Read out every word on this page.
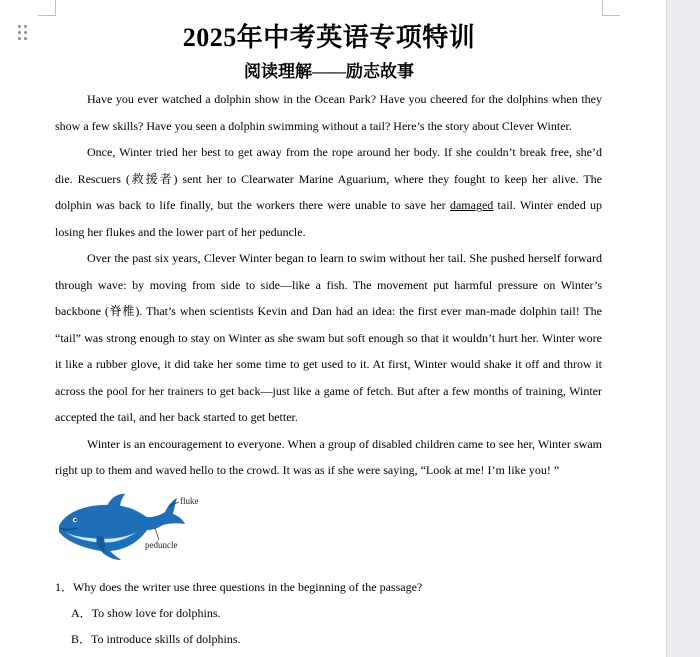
2025年中考英语专项特训
阅读理解——励志故事

Have you ever watched a dolphin show in the Ocean Park? Have you cheered for the dolphins when they show a few skills? Have you seen a dolphin swimming without a tail? Here’s the story about Clever Winter.

Once, Winter tried her best to get away from the rope around her body. If she couldn’t break free, she’d die. Rescuers (救援者) sent her to Clearwater Marine Aguarium, where they fought to keep her alive. The dolphin was back to life finally, but the workers there were unable to save her damaged tail. Winter ended up losing her flukes and the lower part of her peduncle.

Over the past six years, Clever Winter began to learn to swim without her tail. She pushed herself forward through wave: by moving from side to side—like a fish. The movement put harmful pressure on Winter’s backbone (脊椎). That’s when scientists Kevin and Dan had an idea: the first ever man-made dolphin tail! The “tail” was strong enough to stay on Winter as she swam but soft enough so that it wouldn’t hurt her. Winter wore it like a rubber glove, it did take her some time to get used to it. At first, Winter would shake it off and throw it across the pool for her trainers to get back—just like a game of fetch. But after a few months of training, Winter accepted the tail, and her back started to get better.

Winter is an encouragement to everyone. When a group of disabled children came to see her, Winter swam right up to them and waved hello to the crowd. It was as if she were saying, “Look at me! I’m like you! ”

fluke
peduncle
1．Why does the writer use three questions in the beginning of the passage?
A．To show love for dolphins.
B．To introduce skills of dolphins.
